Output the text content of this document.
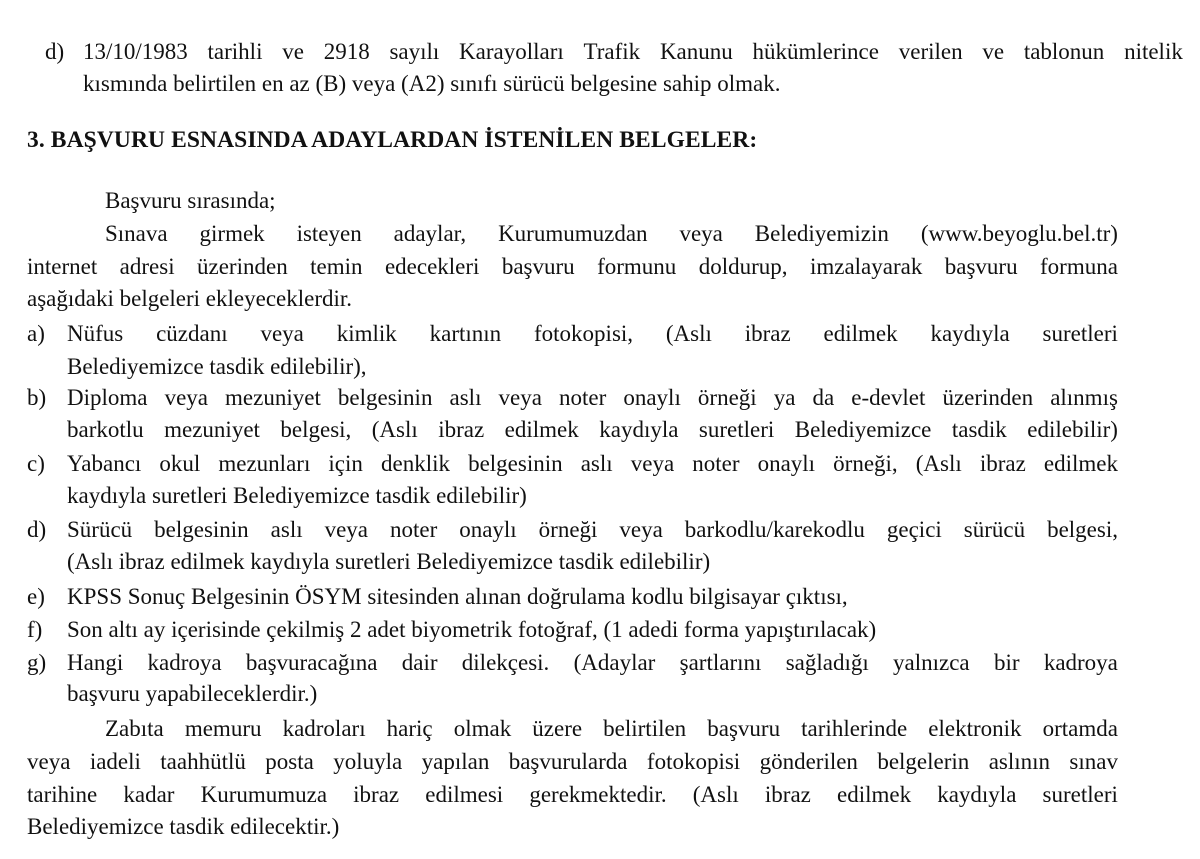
d) 13/10/1983 tarihli ve 2918 sayılı Karayolları Trafik Kanunu hükümlerince verilen ve tablonun nitelik
kısmında belirtilen en az (B) veya (A2) sınıfı sürücü belgesine sahip olmak.
3. BAŞVURU ESNASINDA ADAYLARDAN İSTENİLEN BELGELER:
Başvuru sırasında;
Sınava girmek isteyen adaylar, Kurumumuzdan veya Belediyemizin (www.beyoglu.bel.tr)
internet adresi üzerinden temin edecekleri başvuru formunu doldurup, imzalayarak başvuru formuna
aşağıdaki belgeleri ekleyeceklerdir.
a) Nüfus cüzdanı veya kimlik kartının fotokopisi, (Aslı ibraz edilmek kaydıyla suretleri
Belediyemizce tasdik edilebilir),
b) Diploma veya mezuniyet belgesinin aslı veya noter onaylı örneği ya da e-devlet üzerinden alınmış
barkotlu mezuniyet belgesi, (Aslı ibraz edilmek kaydıyla suretleri Belediyemizce tasdik edilebilir)
c) Yabancı okul mezunları için denklik belgesinin aslı veya noter onaylı örneği, (Aslı ibraz edilmek
kaydıyla suretleri Belediyemizce tasdik edilebilir)
d) Sürücü belgesinin aslı veya noter onaylı örneği veya barkodlu/karekodlu geçici sürücü belgesi,
(Aslı ibraz edilmek kaydıyla suretleri Belediyemizce tasdik edilebilir)
e) KPSS Sonuç Belgesinin ÖSYM sitesinden alınan doğrulama kodlu bilgisayar çıktısı,
f) Son altı ay içerisinde çekilmiş 2 adet biyometrik fotoğraf, (1 adedi forma yapıştırılacak)
g) Hangi kadroya başvuracağına dair dilekçesi. (Adaylar şartlarını sağladığı yalnızca bir kadroya
başvuru yapabileceklerdir.)
Zabıta memuru kadroları hariç olmak üzere belirtilen başvuru tarihlerinde elektronik ortamda
veya iadeli taahhütlü posta yoluyla yapılan başvurularda fotokopisi gönderilen belgelerin aslının sınav
tarihine kadar Kurumumuza ibraz edilmesi gerekmektedir. (Aslı ibraz edilmek kaydıyla suretleri
Belediyemizce tasdik edilecektir.)
